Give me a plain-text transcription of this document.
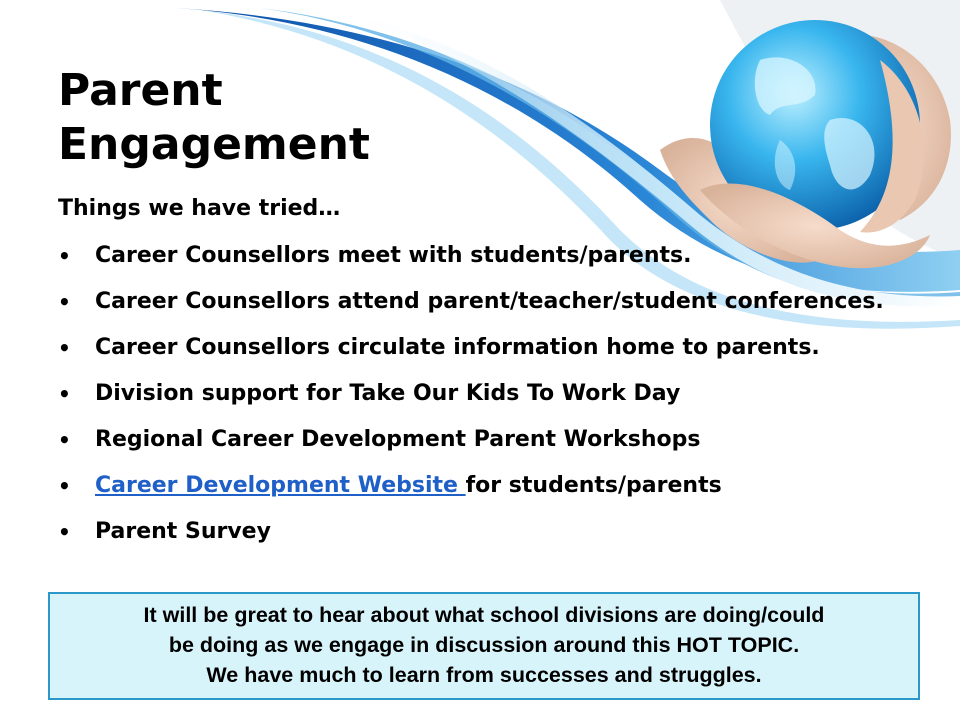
Parent
Engagement
Things we have tried…
• Career Counsellors meet with students/parents.
• Career Counsellors attend parent/teacher/student conferences.
• Career Counsellors circulate information home to parents.
• Division support for Take Our Kids To Work Day
• Regional Career Development Parent Workshops
• Career Development Website for students/parents
• Parent Survey
It will be great to hear about what school divisions are doing/could
be doing as we engage in discussion around this HOT TOPIC.
We have much to learn from successes and struggles.
